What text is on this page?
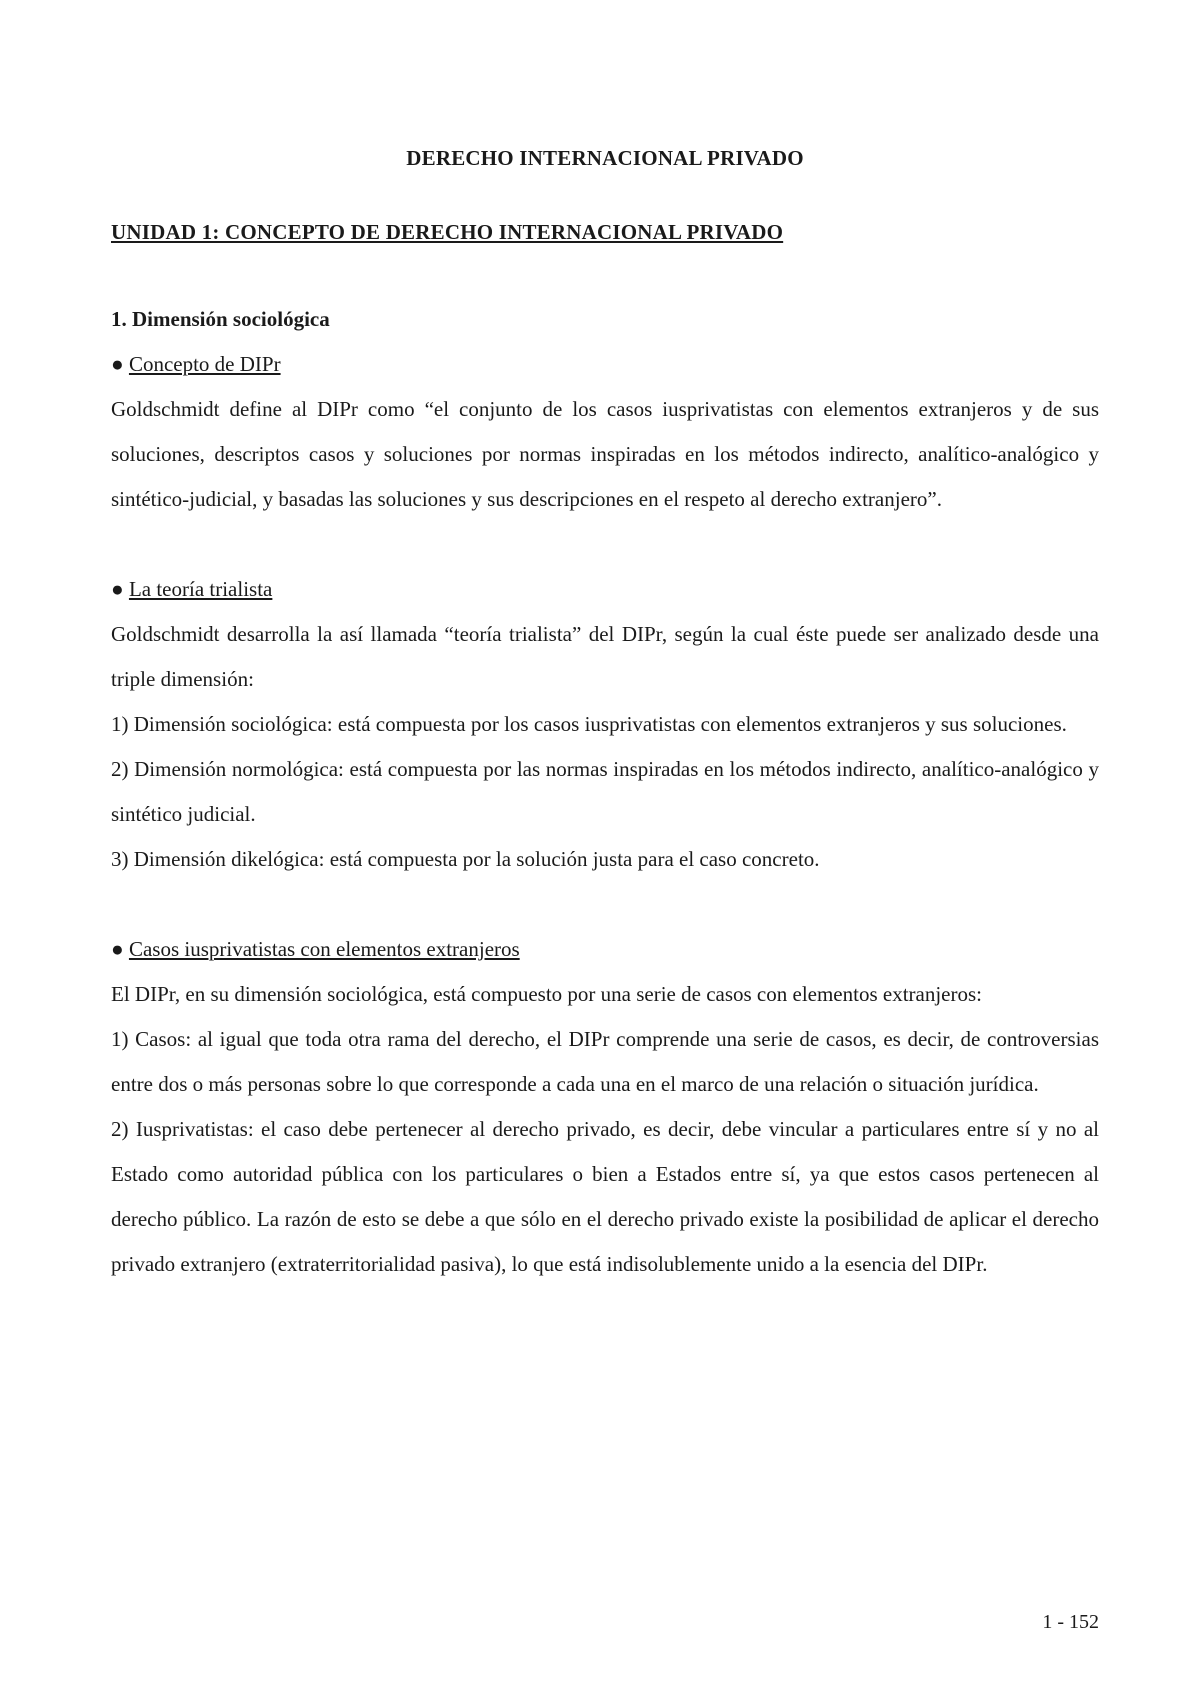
DERECHO INTERNACIONAL PRIVADO
UNIDAD 1: CONCEPTO DE DERECHO INTERNACIONAL PRIVADO
1. Dimensión sociológica
● Concepto de DIPr

Goldschmidt define al DIPr como “el conjunto de los casos iusprivatistas con elementos extranjeros y de sus soluciones, descriptos casos y soluciones por normas inspiradas en los métodos indirecto, analítico-analógico y sintético-judicial, y basadas las soluciones y sus descripciones en el respeto al derecho extranjero”.

● La teoría trialista

Goldschmidt desarrolla la así llamada “teoría trialista” del DIPr, según la cual éste puede ser analizado desde una triple dimensión:

1) Dimensión sociológica: está compuesta por los casos iusprivatistas con elementos extranjeros y sus soluciones.

2) Dimensión normológica: está compuesta por las normas inspiradas en los métodos indirecto, analítico-analógico y sintético judicial.

3) Dimensión dikelógica: está compuesta por la solución justa para el caso concreto.

● Casos iusprivatistas con elementos extranjeros

El DIPr, en su dimensión sociológica, está compuesto por una serie de casos con elementos extranjeros:

1) Casos: al igual que toda otra rama del derecho, el DIPr comprende una serie de casos, es decir, de controversias entre dos o más personas sobre lo que corresponde a cada una en el marco de una relación o situación jurídica.

2) Iusprivatistas: el caso debe pertenecer al derecho privado, es decir, debe vincular a particulares entre sí y no al Estado como autoridad pública con los particulares o bien a Estados entre sí, ya que estos casos pertenecen al derecho público. La razón de esto se debe a que sólo en el derecho privado existe la posibilidad de aplicar el derecho privado extranjero (extraterritorialidad pasiva), lo que está indisolublemente unido a la esencia del DIPr.

1 - 152
